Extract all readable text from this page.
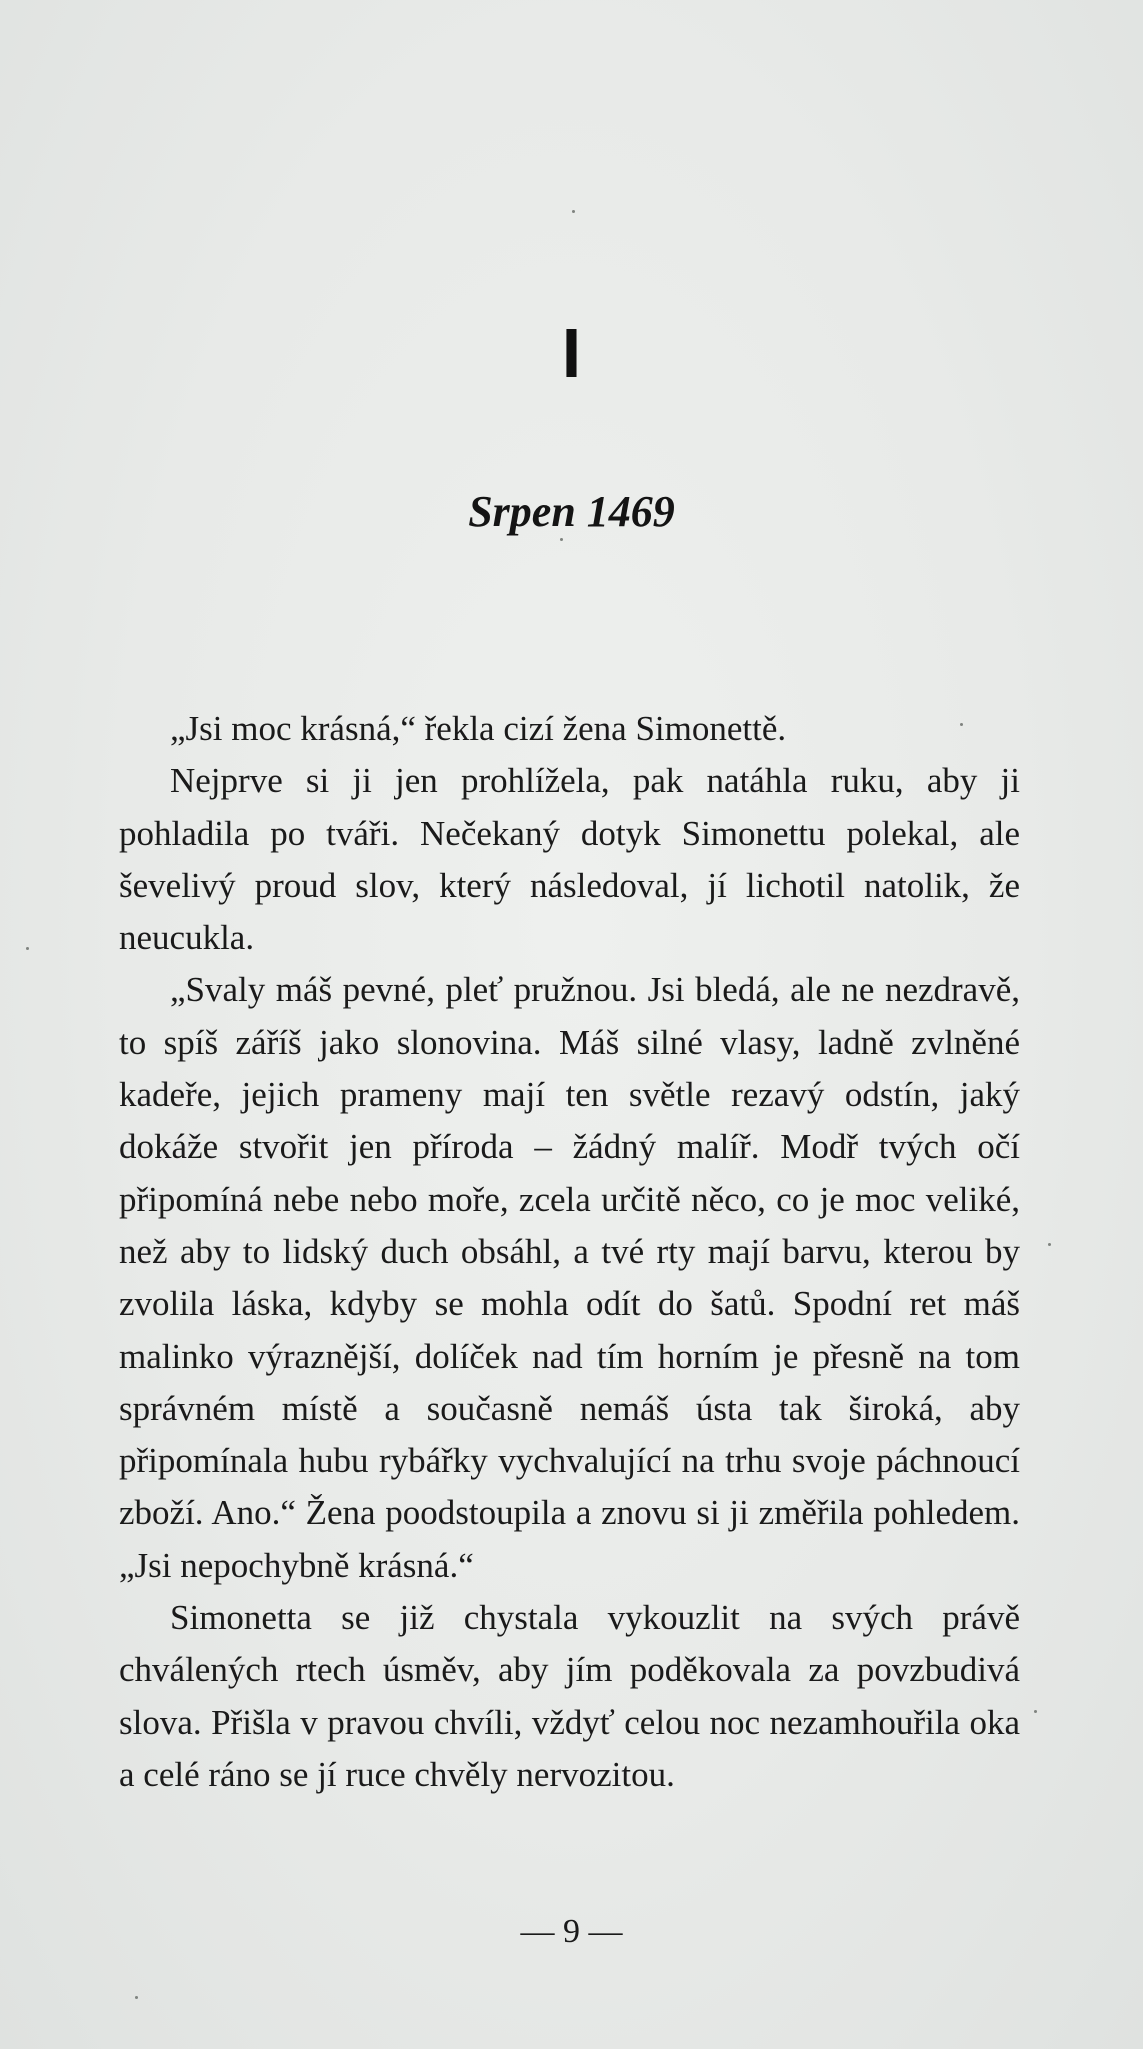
I
Srpen 1469

„Jsi moc krásná,“ řekla cizí žena Simonettě.

Nejprve si ji jen prohlížela, pak natáhla ruku, aby ji pohladila po tváři. Nečekaný dotyk Simonettu polekal, ale ševelivý proud slov, který následoval, jí lichotil natolik, že neucukla.

„Svaly máš pevné, pleť pružnou. Jsi bledá, ale ne nezdravě, to spíš záříš jako slonovina. Máš silné vlasy, ladně zvlněné kadeře, jejich prameny mají ten světle rezavý odstín, jaký dokáže stvořit jen příroda – žádný malíř. Modř tvých očí připomíná nebe nebo moře, zcela určitě něco, co je moc veliké, než aby to lidský duch obsáhl, a tvé rty mají barvu, kterou by zvolila láska, kdyby se mohla odít do šatů. Spodní ret máš malinko výraznější, dolíček nad tím horním je přesně na tom správném místě a současně nemáš ústa tak široká, aby připomínala hubu rybářky vychvalující na trhu svoje páchnoucí zboží. Ano.“ Žena poodstoupila a znovu si ji změřila pohledem. „Jsi nepochybně krásná.“

Simonetta se již chystala vykouzlit na svých právě chválených rtech úsměv, aby jím poděkovala za povzbudivá slova. Přišla v pravou chvíli, vždyť celou noc nezamhouřila oka a celé ráno se jí ruce chvěly nervozitou.

— 9 —
